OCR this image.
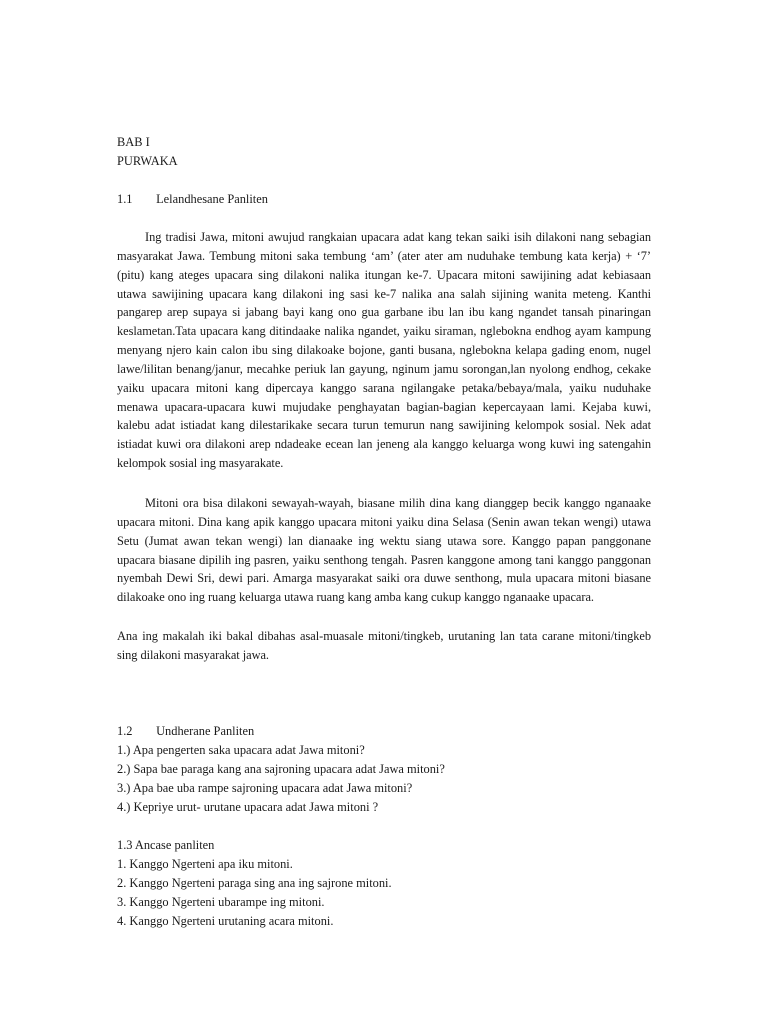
BAB I
PURWAKA
1.1 Lelandhesane Panliten

Ing tradisi Jawa, mitoni awujud rangkaian upacara adat kang tekan saiki isih dilakoni nang sebagian masyarakat Jawa. Tembung mitoni saka tembung ‘am’ (ater ater am nuduhake tembung kata kerja) + ‘7’ (pitu) kang ateges upacara sing dilakoni nalika itungan ke-7. Upacara mitoni sawijining adat kebiasaan utawa sawijining upacara kang dilakoni ing sasi ke-7 nalika ana salah sijining wanita meteng. Kanthi pangarep arep supaya si jabang bayi kang ono gua garbane ibu lan ibu kang ngandet tansah pinaringan keslametan.Tata upacara kang ditindaake nalika ngandet, yaiku siraman, nglebokna endhog ayam kampung menyang njero kain calon ibu sing dilakoake bojone, ganti busana, nglebokna kelapa gading enom, nugel lawe/lilitan benang/janur, mecahke periuk lan gayung, nginum jamu sorongan,lan nyolong endhog, cekake yaiku upacara mitoni kang dipercaya kanggo sarana ngilangake petaka/bebaya/mala, yaiku nuduhake menawa upacara-upacara kuwi mujudake penghayatan bagian-bagian kepercayaan lami. Kejaba kuwi, kalebu adat istiadat kang dilestarikake secara turun temurun nang sawijining kelompok sosial. Nek adat istiadat kuwi ora dilakoni arep ndadeake ecean lan jeneng ala kanggo keluarga wong kuwi ing satengahin kelompok sosial ing masyarakate.

Mitoni ora bisa dilakoni sewayah-wayah, biasane milih dina kang dianggep becik kanggo nganaake upacara mitoni. Dina kang apik kanggo upacara mitoni yaiku dina Selasa (Senin awan tekan wengi) utawa Setu (Jumat awan tekan wengi) lan dianaake ing wektu siang utawa sore. Kanggo papan panggonane upacara biasane dipilih ing pasren, yaiku senthong tengah. Pasren kanggone among tani kanggo panggonan nyembah Dewi Sri, dewi pari. Amarga masyarakat saiki ora duwe senthong, mula upacara mitoni biasane dilakoake ono ing ruang keluarga utawa ruang kang amba kang cukup kanggo nganaake upacara.

Ana ing makalah iki bakal dibahas asal-muasale mitoni/tingkeb, urutaning lan tata carane mitoni/tingkeb sing dilakoni masyarakat jawa.

1.2 Undherane Panliten
1.) Apa pengerten saka upacara adat Jawa mitoni?
2.) Sapa bae paraga kang ana sajroning upacara adat Jawa mitoni?
3.) Apa bae uba rampe sajroning upacara adat Jawa mitoni?
4.) Kepriye urut- urutane upacara adat Jawa mitoni ?
1.3 Ancase panliten
1. Kanggo Ngerteni apa iku mitoni.
2. Kanggo Ngerteni paraga sing ana ing sajrone mitoni.
3. Kanggo Ngerteni ubarampe ing mitoni.
4. Kanggo Ngerteni urutaning acara mitoni.
